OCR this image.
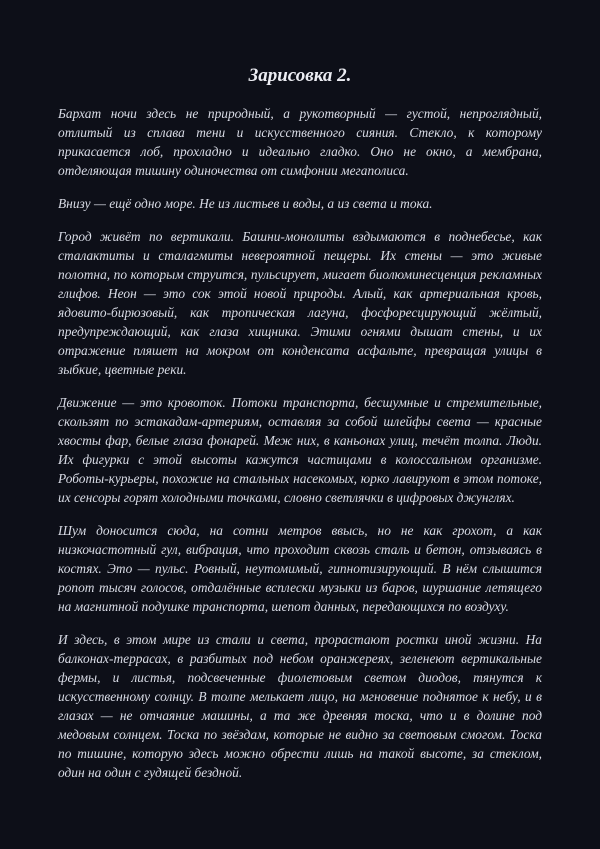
Зарисовка 2.

Бархат ночи здесь не природный, а рукотворный — густой, непроглядный, отлитый из сплава тени и искусственного сияния. Стекло, к которому прикасается лоб, прохладно и идеально гладко. Оно не окно, а мембрана, отделяющая тишину одиночества от симфонии мегаполиса.

Внизу — ещё одно море. Не из листьев и воды, а из света и тока.

Город живёт по вертикали. Башни-монолиты вздымаются в поднебесье, как сталактиты и сталагмиты невероятной пещеры. Их стены — это живые полотна, по которым струится, пульсирует, мигает биолюминесценция рекламных глифов. Неон — это сок этой новой природы. Алый, как артериальная кровь, ядовито-бирюзовый, как тропическая лагуна, фосфоресцирующий жёлтый, предупреждающий, как глаза хищника. Этими огнями дышат стены, и их отражение пляшет на мокром от конденсата асфальте, превращая улицы в зыбкие, цветные реки.

Движение — это кровоток. Потоки транспорта, бесшумные и стремительные, скользят по эстакадам-артериям, оставляя за собой шлейфы света — красные хвосты фар, белые глаза фонарей. Меж них, в каньонах улиц, течёт толпа. Люди. Их фигурки с этой высоты кажутся частицами в колоссальном организме. Роботы-курьеры, похожие на стальных насекомых, юрко лавируют в этом потоке, их сенсоры горят холодными точками, словно светлячки в цифровых джунглях.

Шум доносится сюда, на сотни метров ввысь, но не как грохот, а как низкочастотный гул, вибрация, что проходит сквозь сталь и бетон, отзываясь в костях. Это — пульс. Ровный, неутомимый, гипнотизирующий. В нём слышится ропот тысяч голосов, отдалённые всплески музыки из баров, шуршание летящего на магнитной подушке транспорта, шепот данных, передающихся по воздуху.

И здесь, в этом мире из стали и света, прорастают ростки иной жизни. На балконах-террасах, в разбитых под небом оранжереях, зеленеют вертикальные фермы, и листья, подсвеченные фиолетовым светом диодов, тянутся к искусственному солнцу. В толпе мелькает лицо, на мгновение поднятое к небу, и в глазах — не отчаяние машины, а та же древняя тоска, что и в долине под медовым солнцем. Тоска по звёздам, которые не видно за световым смогом. Тоска по тишине, которую здесь можно обрести лишь на такой высоте, за стеклом, один на один с гудящей бездной.
